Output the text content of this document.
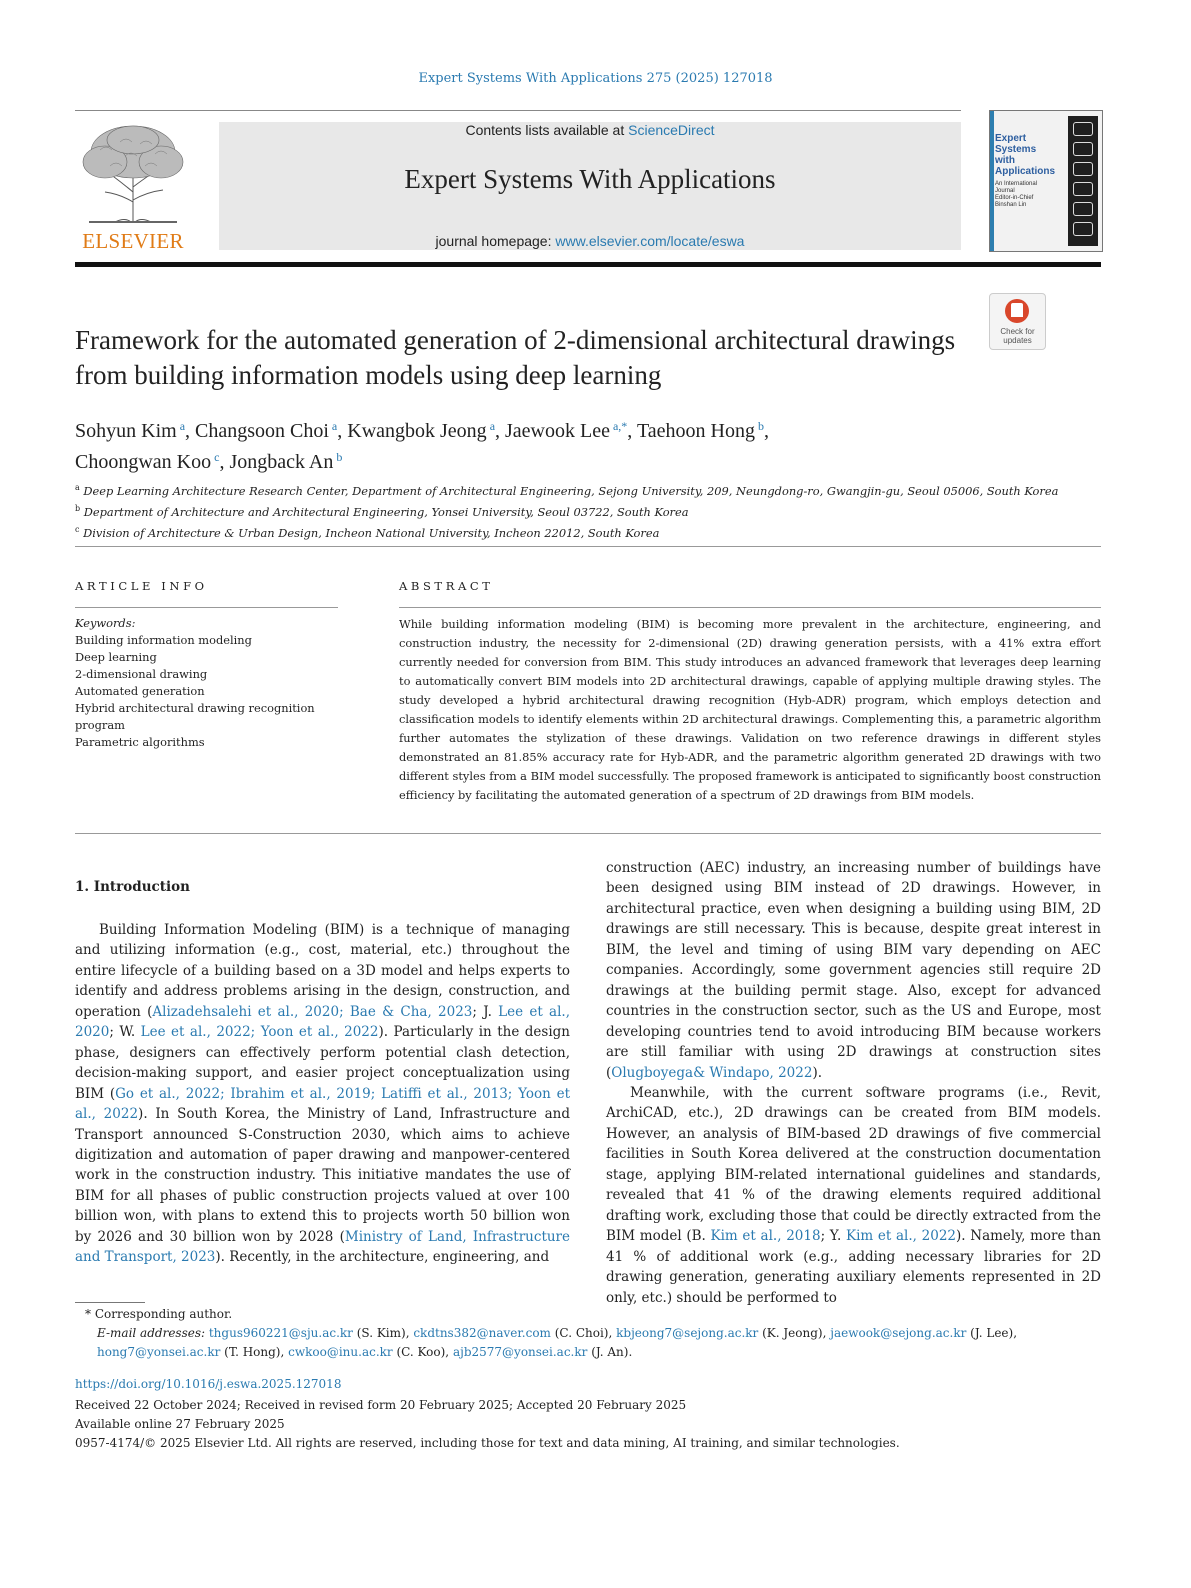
Expert Systems With Applications 275 (2025) 127018
ELSEVIER
Contents lists available at ScienceDirect
Expert Systems With Applications
journal homepage: www.elsevier.com/locate/eswa
Expert Systems with Applications
An International Journal
Editor-in-Chief Binshan Lin
Check for updates
Framework for the automated generation of 2-dimensional architectural drawings from building information models using deep learning
Sohyun Kim $^a$, Changsoon Choi $^a$, Kwangbok Jeong $^a$, Jaewook Lee $^{a,*}$, Taehoon Hong $^b$,
Choongwan Koo $^c$, Jongback An $^b$
$^a$ Deep Learning Architecture Research Center, Department of Architectural Engineering, Sejong University, 209, Neungdong-ro, Gwangjin-gu, Seoul 05006, South Korea
$^b$ Department of Architecture and Architectural Engineering, Yonsei University, Seoul 03722, South Korea
$^c$ Division of Architecture & Urban Design, Incheon National University, Incheon 22012, South Korea
ARTICLE INFO
Keywords:
Building information modeling
Deep learning
2-dimensional drawing
Automated generation
Hybrid architectural drawing recognition program
Parametric algorithms
ABSTRACT
While building information modeling (BIM) is becoming more prevalent in the architecture, engineering, and construction industry, the necessity for 2-dimensional (2D) drawing generation persists, with a 41% extra effort currently needed for conversion from BIM. This study introduces an advanced framework that leverages deep learning to automatically convert BIM models into 2D architectural drawings, capable of applying multiple drawing styles. The study developed a hybrid architectural drawing recognition (Hyb-ADR) program, which employs detection and classification models to identify elements within 2D architectural drawings. Complementing this, a parametric algorithm further automates the stylization of these drawings. Validation on two reference drawings in different styles demonstrated an 81.85% accuracy rate for Hyb-ADR, and the parametric algorithm generated 2D drawings with two different styles from a BIM model successfully. The proposed framework is anticipated to significantly boost construction efficiency by facilitating the automated generation of a spectrum of 2D drawings from BIM models.
1. Introduction

Building Information Modeling (BIM) is a technique of managing and utilizing information (e.g., cost, material, etc.) throughout the entire lifecycle of a building based on a 3D model and helps experts to identify and address problems arising in the design, construction, and operation (Alizadehsalehi et al., 2020; Bae & Cha, 2023; J. Lee et al., 2020; W. Lee et al., 2022; Yoon et al., 2022). Particularly in the design phase, designers can effectively perform potential clash detection, decision-making support, and easier project conceptualization using BIM (Go et al., 2022; Ibrahim et al., 2019; Latiffi et al., 2013; Yoon et al., 2022). In South Korea, the Ministry of Land, Infrastructure and Transport announced S-Construction 2030, which aims to achieve digitization and automation of paper drawing and manpower-centered work in the construction industry. This initiative mandates the use of BIM for all phases of public construction projects valued at over 100 billion won, with plans to extend this to projects worth 50 billion won by 2026 and 30 billion won by 2028 (Ministry of Land, Infrastructure and Transport, 2023). Recently, in the architecture, engineering, and

construction (AEC) industry, an increasing number of buildings have been designed using BIM instead of 2D drawings. However, in architectural practice, even when designing a building using BIM, 2D drawings are still necessary. This is because, despite great interest in BIM, the level and timing of using BIM vary depending on AEC companies. Accordingly, some government agencies still require 2D drawings at the building permit stage. Also, except for advanced countries in the construction sector, such as the US and Europe, most developing countries tend to avoid introducing BIM because workers are still familiar with using 2D drawings at construction sites (Olugboyega& Windapo, 2022).

Meanwhile, with the current software programs (i.e., Revit, ArchiCAD, etc.), 2D drawings can be created from BIM models. However, an analysis of BIM-based 2D drawings of five commercial facilities in South Korea delivered at the construction documentation stage, applying BIM-related international guidelines and standards, revealed that 41 % of the drawing elements required additional drafting work, excluding those that could be directly extracted from the BIM model (B. Kim et al., 2018; Y. Kim et al., 2022). Namely, more than 41 % of additional work (e.g., adding necessary libraries for 2D drawing generation, generating auxiliary elements represented in 2D only, etc.) should be performed to

* Corresponding author.
E-mail addresses: thgus960221@sju.ac.kr (S. Kim), ckdtns382@naver.com (C. Choi), kbjeong7@sejong.ac.kr (K. Jeong), jaewook@sejong.ac.kr (J. Lee), hong7@yonsei.ac.kr (T. Hong), cwkoo@inu.ac.kr (C. Koo), ajb2577@yonsei.ac.kr (J. An).
https://doi.org/10.1016/j.eswa.2025.127018
Received 22 October 2024; Received in revised form 20 February 2025; Accepted 20 February 2025
Available online 27 February 2025
0957-4174/© 2025 Elsevier Ltd. All rights are reserved, including those for text and data mining, AI training, and similar technologies.
